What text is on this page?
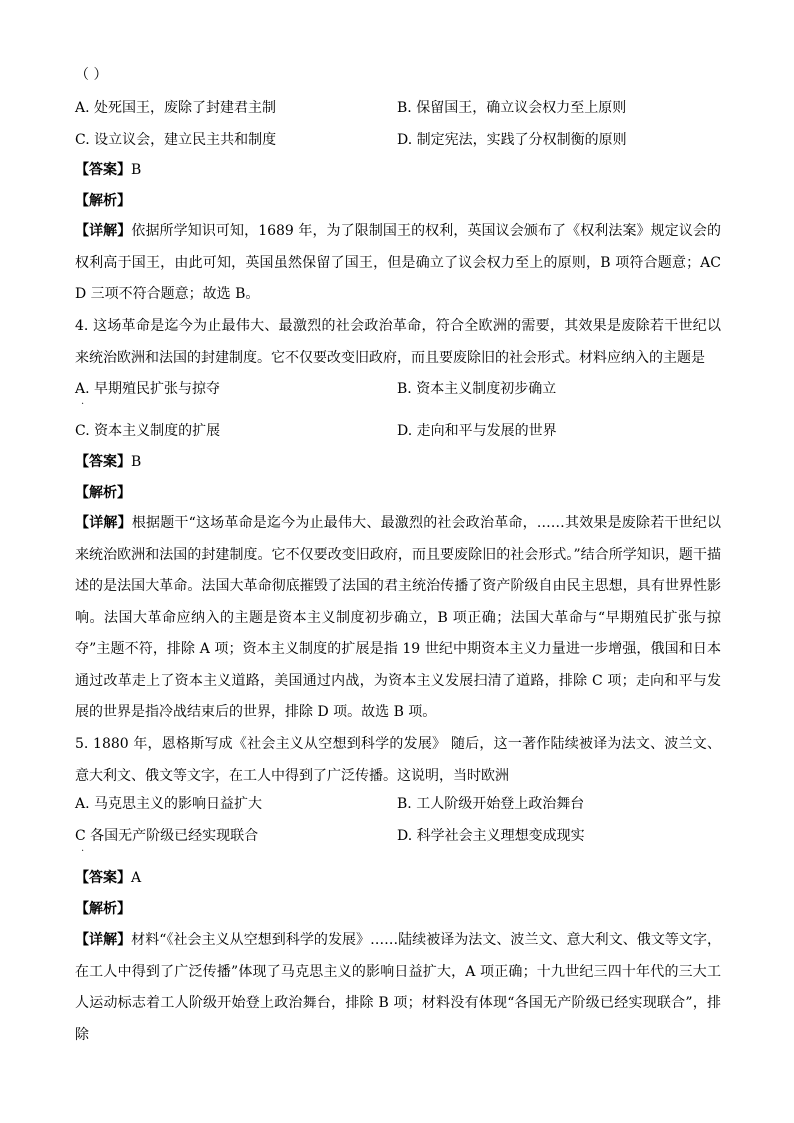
（ ）
A. 处死国王，废除了封建君主制	B. 保留国王，确立议会权力至上原则
C. 设立议会，建立民主共和制度	D. 制定宪法，实践了分权制衡的原则
【答案】B
【解析】
【详解】依据所学知识可知，1689 年，为了限制国王的权利，英国议会颁布了《权利法案》规定议会的权利高于国王，由此可知，英国虽然保留了国王，但是确立了议会权力至上的原则，B 项符合题意；ACD 三项不符合题意；故选 B。
4. 这场革命是迄今为止最伟大、最激烈的社会政治革命，符合全欧洲的需要，其效果是废除若干世纪以来统治欧洲和法国的封建制度。它不仅要改变旧政府，而且要废除旧的社会形式。材料应纳入的主题是
A. 早期殖民扩张与掠夺	B. 资本主义制度初步确立
·
C. 资本主义制度的扩展	D. 走向和平与发展的世界
【答案】B
【解析】
【详解】根据题干“这场革命是迄今为止最伟大、最激烈的社会政治革命，……其效果是废除若干世纪以来统治欧洲和法国的封建制度。它不仅要改变旧政府，而且要废除旧的社会形式。”结合所学知识，题干描述的是法国大革命。法国大革命彻底摧毁了法国的君主统治传播了资产阶级自由民主思想，具有世界性影响。法国大革命应纳入的主题是资本主义制度初步确立，B 项正确；法国大革命与“早期殖民扩张与掠夺”主题不符，排除 A 项；资本主义制度的扩展是指 19 世纪中期资本主义力量进一步增强，俄国和日本通过改革走上了资本主义道路，美国通过内战，为资本主义发展扫清了道路，排除 C 项；走向和平与发展的世界是指冷战结束后的世界，排除 D 项。故选 B 项。
5. 1880 年，恩格斯写成《社会主义从空想到科学的发展》 随后，这一著作陆续被译为法文、波兰文、意大利文、俄文等文字，在工人中得到了广泛传播。这说明，当时欧洲
A. 马克思主义的影响日益扩大	B. 工人阶级开始登上政治舞台
C 各国无产阶级已经实现联合	D. 科学社会主义理想变成现实
·
【答案】A
【解析】
【详解】材料“《社会主义从空想到科学的发展》……陆续被译为法文、波兰文、意大利文、俄文等文字，在工人中得到了广泛传播”体现了马克思主义的影响日益扩大，A 项正确；十九世纪三四十年代的三大工人运动标志着工人阶级开始登上政治舞台，排除 B 项；材料没有体现“各国无产阶级已经实现联合”，排除
